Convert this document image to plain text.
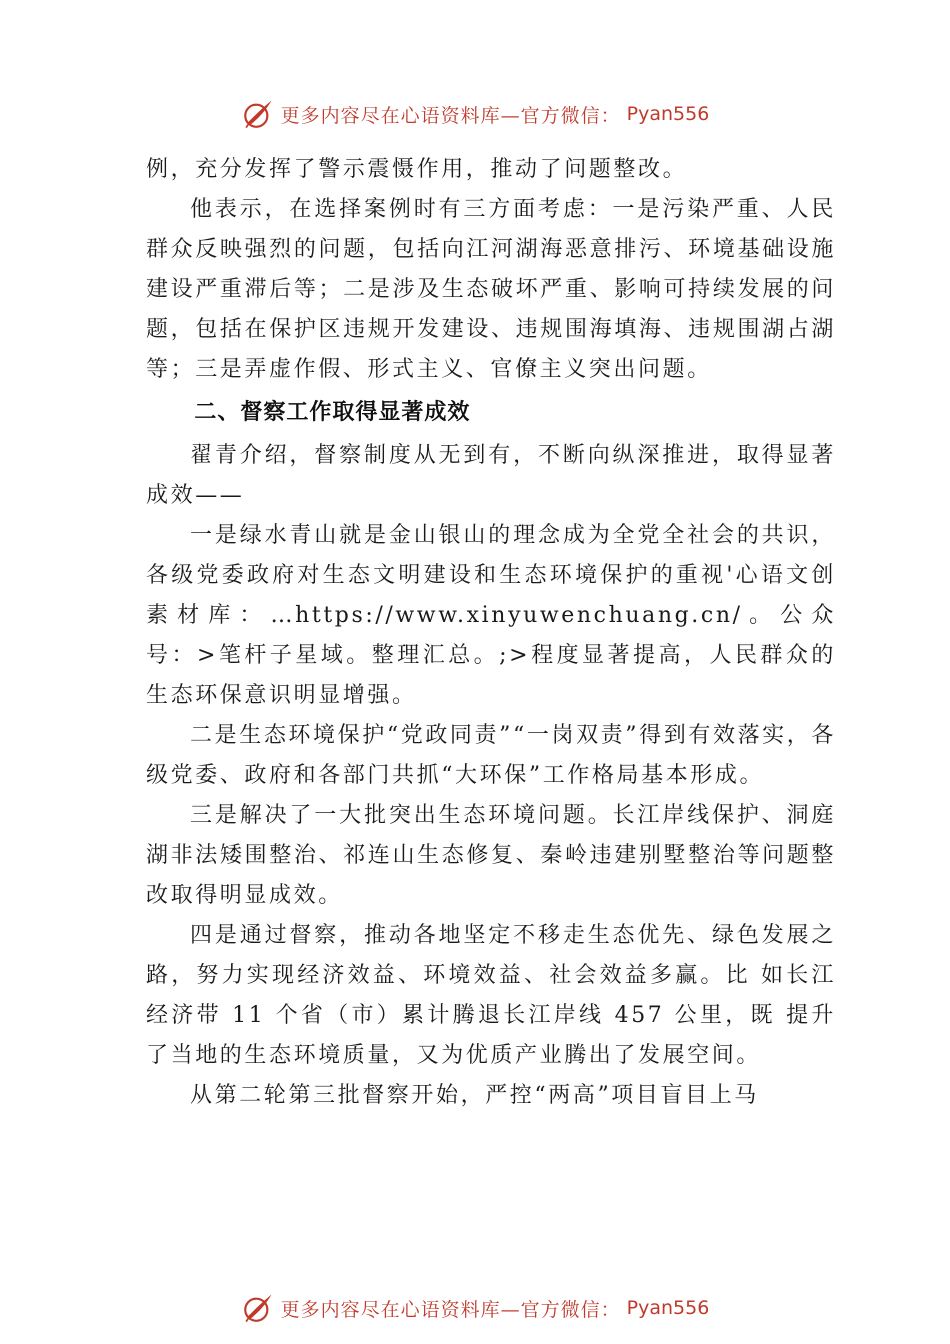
更多内容尽在心语资料库—官方微信： Pyan556

例，充分发挥了警示震慑作用，推动了问题整改。

他表示，在选择案例时有三方面考虑：一是污染严重、人民群众反映强烈的问题，包括向江河湖海恶意排污、环境基础设施建设严重滞后等；二是涉及生态破坏严重、影响可持续发展的问题，包括在保护区违规开发建设、违规围海填海、违规围湖占湖等；三是弄虚作假、形式主义、官僚主义突出问题。

二、督察工作取得显著成效

翟青介绍，督察制度从无到有，不断向纵深推进，取得显著成效——

一是绿水青山就是金山银山的理念成为全党全社会的共识，各级党委政府对生态文明建设和生态环境保护的重视'心语文创素材库：…https://www.xinyuwenchuang.cn/。公众号：>笔杆子星域。整理汇总。;>程度显著提高，人民群众的生态环保意识明显增强。

二是生态环境保护“党政同责”“一岗双责”得到有效落实，各级党委、政府和各部门共抓“大环保”工作格局基本形成。

三是解决了一大批突出生态环境问题。长江岸线保护、洞庭湖非法矮围整治、祁连山生态修复、秦岭违建别墅整治等问题整改取得明显成效。

四是通过督察，推动各地坚定不移走生态优先、绿色发展之路，努力实现经济效益、环境效益、社会效益多赢。比 如长江经济带 11 个省（市）累计腾退长江岸线 457 公里，既 提升了当地的生态环境质量，又为优质产业腾出了发展空间。

从第二轮第三批督察开始，严控“两高”项目盲目上马

更多内容尽在心语资料库—官方微信： Pyan556
